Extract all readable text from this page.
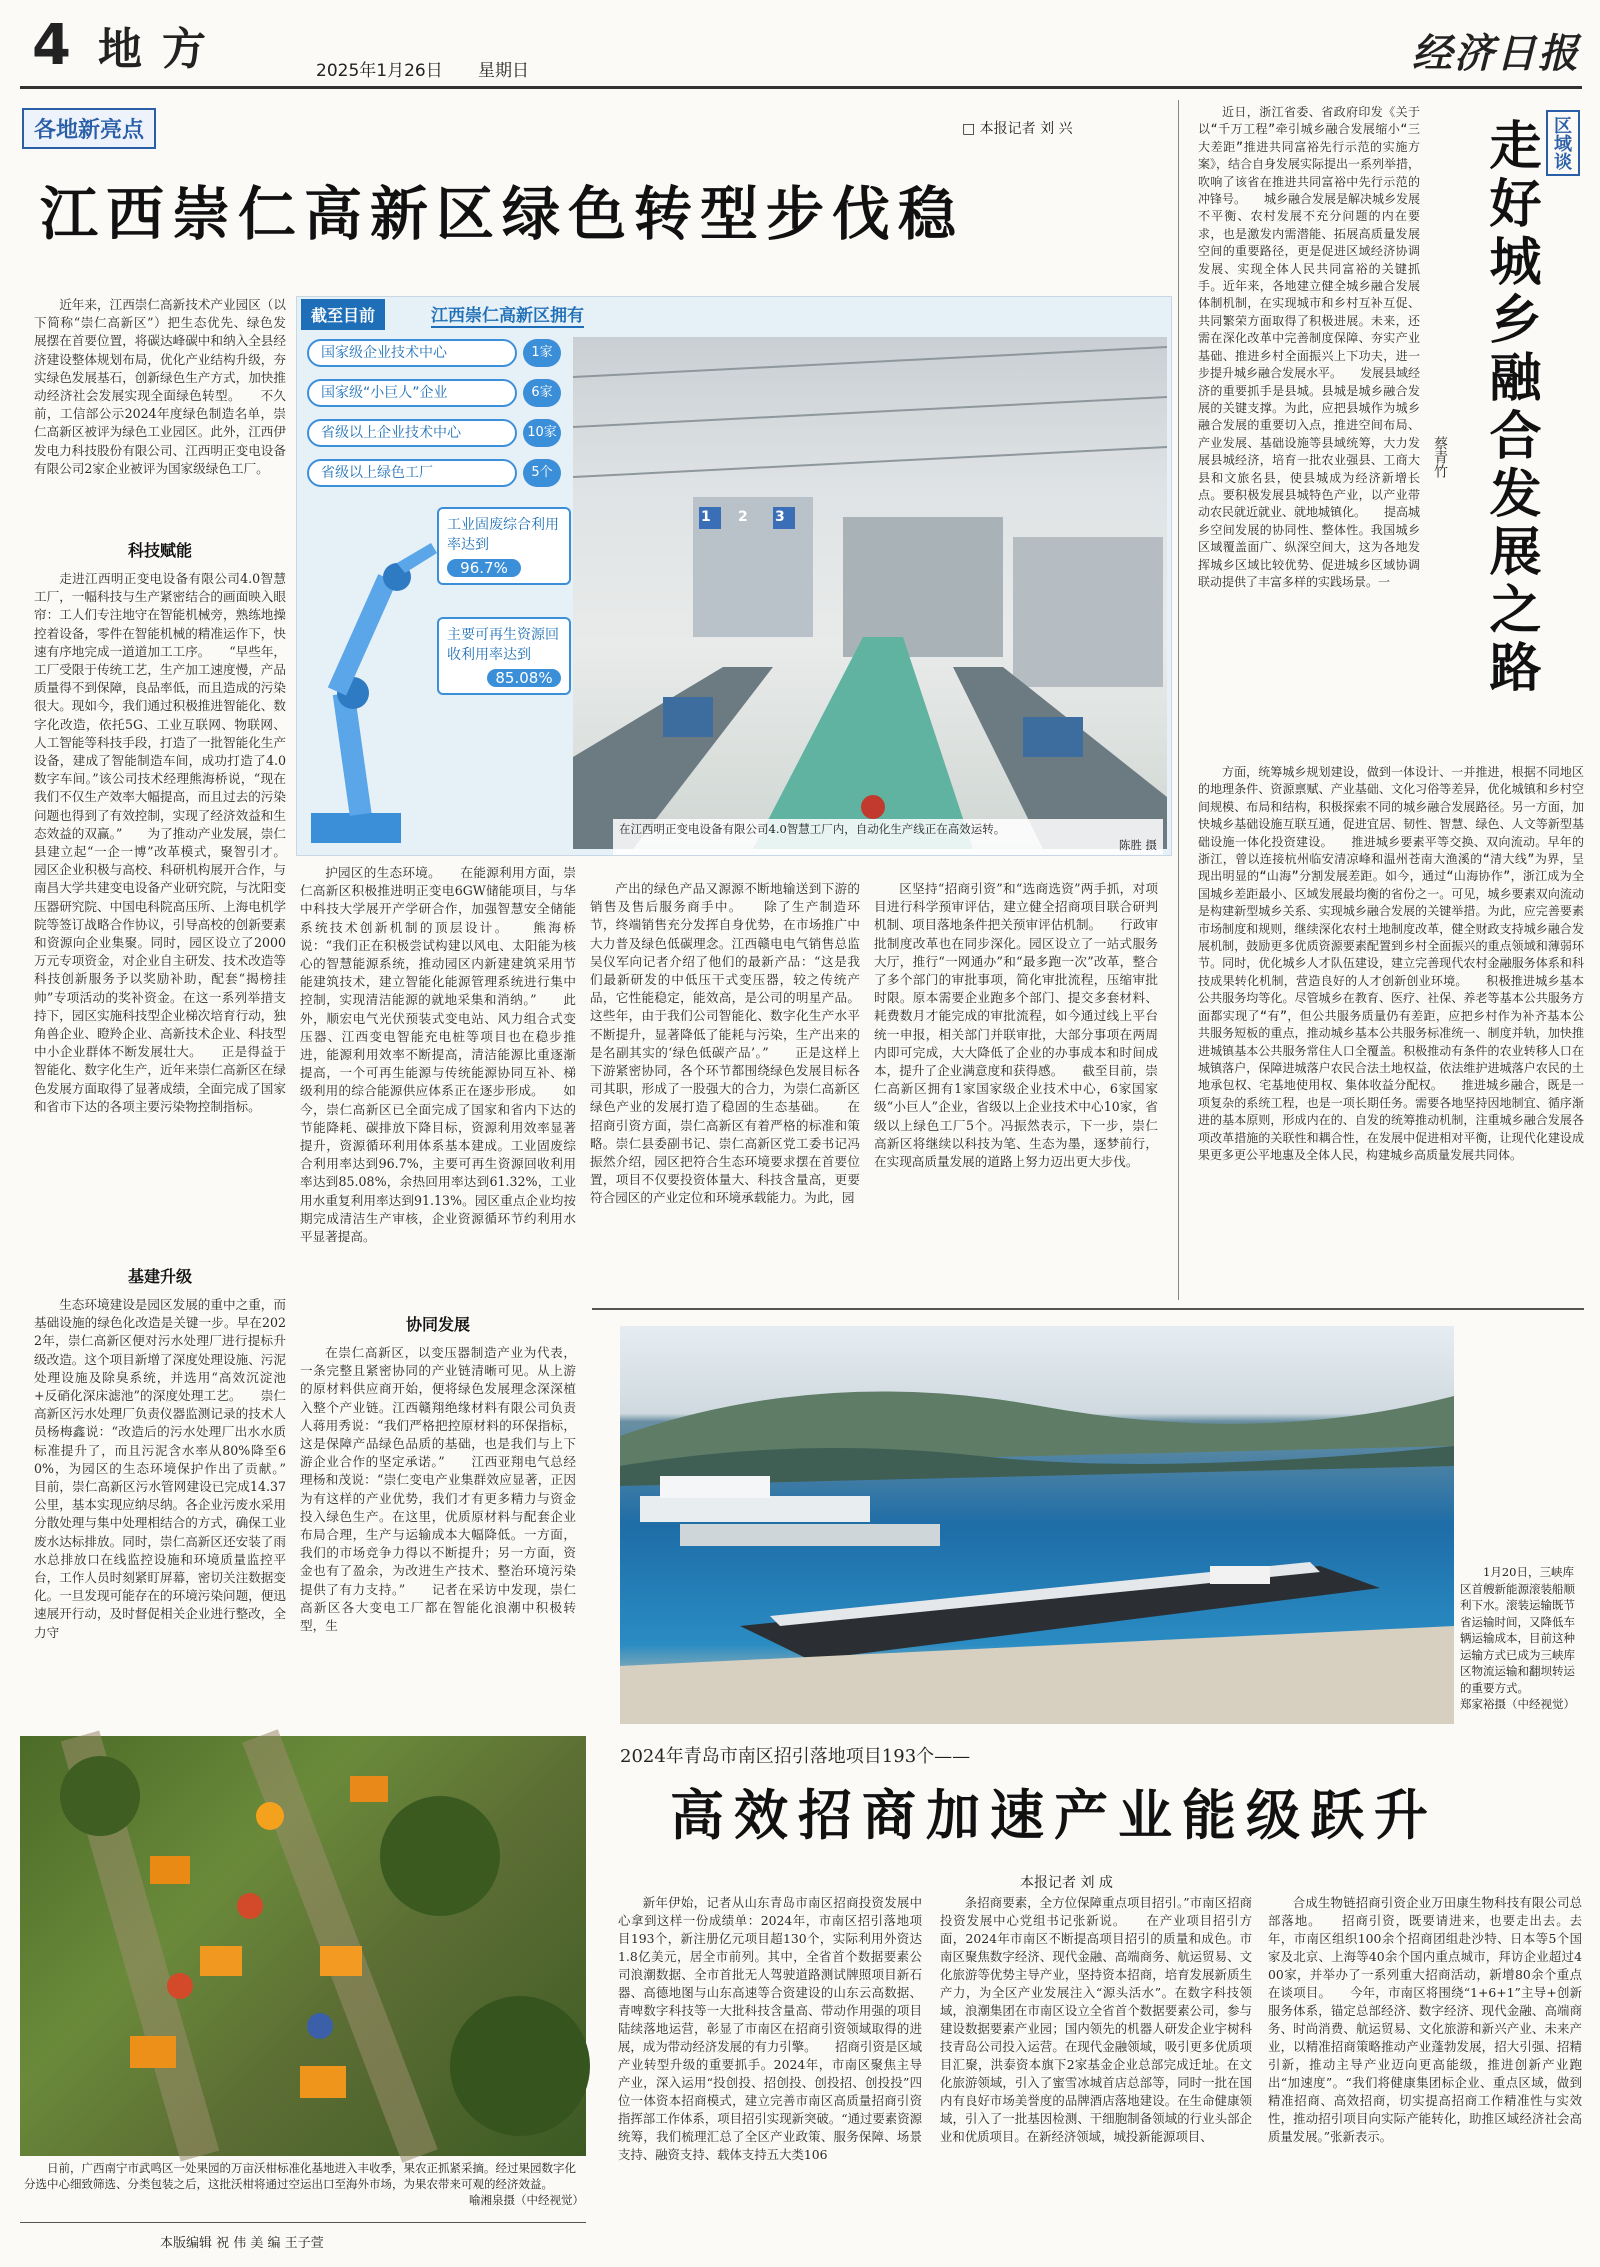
4 地方	2025年1月26日 星期日	经济日报
各地新亮点	□ 本报记者 刘 兴
江西崇仁高新区绿色转型步伐稳
截至目前	江西崇仁高新区拥有
国家级企业技术中心	1家
国家级“小巨人”企业	6家
省级以上企业技术中心	10家
省级以上绿色工厂	5个
工业固废综合利用率达到
96.7%
主要可再生资源回收利用率达到
85.08%
1 2 3
在江西明正变电设备有限公司4.0智慧工厂内，自动化生产线正在高效运转。
陈胜 摄
近年来，江西崇仁高新技术产业园区（以下简称“崇仁高新区”）把生态优先、绿色发展摆在首要位置，将碳达峰碳中和纳入全县经济建设整体规划布局，优化产业结构升级，夯实绿色发展基石，创新绿色生产方式，加快推动经济社会发展实现全面绿色转型。　　不久前，工信部公示2024年度绿色制造名单，崇仁高新区被评为绿色工业园区。此外，江西伊发电力科技股份有限公司、江西明正变电设备有限公司2家企业被评为国家级绿色工厂。
科技赋能
走进江西明正变电设备有限公司4.0智慧工厂，一幅科技与生产紧密结合的画面映入眼帘：工人们专注地守在智能机械旁，熟练地操控着设备，零件在智能机械的精准运作下，快速有序地完成一道道加工工序。　　“早些年，工厂受限于传统工艺，生产加工速度慢，产品质量得不到保障，良品率低，而且造成的污染很大。现如今，我们通过积极推进智能化、数字化改造，依托5G、工业互联网、物联网、人工智能等科技手段，打造了一批智能化生产设备，建成了智能制造车间，成功打造了4.0数字车间。”该公司技术经理熊海桥说，“现在我们不仅生产效率大幅提高，而且过去的污染问题也得到了有效控制，实现了经济效益和生态效益的双赢。”　　为了推动产业发展，崇仁县建立起“一企一博”改革模式，聚智引才。园区企业积极与高校、科研机构展开合作，与南昌大学共建变电设备产业研究院，与沈阳变压器研究院、中国电科院高压所、上海电机学院等签订战略合作协议，引导高校的创新要素和资源向企业集聚。同时，园区设立了2000万元专项资金，对企业自主研发、技术改造等科技创新服务予以奖励补助，配套“揭榜挂帅”专项活动的奖补资金。在这一系列举措支持下，园区实施科技型企业梯次培育行动，独角兽企业、瞪羚企业、高新技术企业、科技型中小企业群体不断发展壮大。　　正是得益于智能化、数字化生产，近年来崇仁高新区在绿色发展方面取得了显著成绩，全面完成了国家和省市下达的各项主要污染物控制指标。
基建升级
生态环境建设是园区发展的重中之重，而基础设施的绿色化改造是关键一步。早在2022年，崇仁高新区便对污水处理厂进行提标升级改造。这个项目新增了深度处理设施、污泥处理设施及除臭系统，并选用“高效沉淀池+反硝化深床滤池”的深度处理工艺。　　崇仁高新区污水处理厂负责仪器监测记录的技术人员杨梅鑫说：“改造后的污水处理厂出水水质标准提升了，而且污泥含水率从80%降至60%，为园区的生态环境保护作出了贡献。”　　目前，崇仁高新区污水管网建设已完成14.37公里，基本实现应纳尽纳。各企业污废水采用分散处理与集中处理相结合的方式，确保工业废水达标排放。同时，崇仁高新区还安装了雨水总排放口在线监控设施和环境质量监控平台，工作人员时刻紧盯屏幕，密切关注数据变化。一旦发现可能存在的环境污染问题，便迅速展开行动，及时督促相关企业进行整改，全力守
护园区的生态环境。　　在能源利用方面，崇仁高新区积极推进明正变电6GW储能项目，与华中科技大学展开产学研合作，加强智慧安全储能系统技术创新机制的顶层设计。　　熊海桥说：“我们正在积极尝试构建以风电、太阳能为核心的智慧能源系统，推动园区内新建建筑采用节能建筑技术，建立智能化能源管理系统进行集中控制，实现清洁能源的就地采集和消纳。”　　此外，顺宏电气光伏预装式变电站、风力组合式变压器、江西变电智能充电桩等项目也在稳步推进，能源利用效率不断提高，清洁能源比重逐渐提高，一个可再生能源与传统能源协同互补、梯级利用的综合能源供应体系正在逐步形成。　　如今，崇仁高新区已全面完成了国家和省内下达的节能降耗、碳排放下降目标，资源利用效率显著提升，资源循环利用体系基本建成。工业固废综合利用率达到96.7%，主要可再生资源回收利用率达到85.08%，余热回用率达到61.32%，工业用水重复利用率达到91.13%。园区重点企业均按期完成清洁生产审核，企业资源循环节约利用水平显著提高。
协同发展
在崇仁高新区，以变压器制造产业为代表，一条完整且紧密协同的产业链清晰可见。从上游的原材料供应商开始，便将绿色发展理念深深植入整个产业链。江西赣翔绝缘材料有限公司负责人蒋用秀说：“我们严格把控原材料的环保指标，这是保障产品绿色品质的基础，也是我们与上下游企业合作的坚定承诺。”　　江西亚翔电气总经理杨和茂说：“崇仁变电产业集群效应显著，正因为有这样的产业优势，我们才有更多精力与资金投入绿色生产。在这里，优质原材料与配套企业布局合理，生产与运输成本大幅降低。一方面，我们的市场竞争力得以不断提升；另一方面，资金也有了盈余，为改进生产技术、整治环境污染提供了有力支持。”　　记者在采访中发现，崇仁高新区各大变电工厂都在智能化浪潮中积极转型，生
产出的绿色产品又源源不断地输送到下游的销售及售后服务商手中。　　除了生产制造环节，终端销售充分发挥自身优势，在市场推广中大力普及绿色低碳理念。江西赣电电气销售总监吴仪军向记者介绍了他们的最新产品：“这是我们最新研发的中低压干式变压器，较之传统产品，它性能稳定，能效高，是公司的明星产品。这些年，由于我们公司智能化、数字化生产水平不断提升，显著降低了能耗与污染，生产出来的是名副其实的‘绿色低碳产品’。”　　正是这样上下游紧密协同，各个环节都围绕绿色发展目标各司其职，形成了一股强大的合力，为崇仁高新区绿色产业的发展打造了稳固的生态基础。　　在招商引资方面，崇仁高新区有着严格的标准和策略。崇仁县委副书记、崇仁高新区党工委书记冯振然介绍，园区把符合生态环境要求摆在首要位置，项目不仅要投资体量大、科技含量高，更要符合园区的产业定位和环境承载能力。为此，园
区坚持“招商引资”和“选商选资”两手抓，对项目进行科学预审评估，建立健全招商项目联合研判机制、项目落地条件把关预审评估机制。　　行政审批制度改革也在同步深化。园区设立了一站式服务大厅，推行“一网通办”和“最多跑一次”改革，整合了多个部门的审批事项，简化审批流程，压缩审批时限。原本需要企业跑多个部门、提交多套材料、耗费数月才能完成的审批流程，如今通过线上平台统一申报，相关部门并联审批，大部分事项在两周内即可完成，大大降低了企业的办事成本和时间成本，提升了企业满意度和获得感。　　截至目前，崇仁高新区拥有1家国家级企业技术中心，6家国家级“小巨人”企业，省级以上企业技术中心10家，省级以上绿色工厂5个。冯振然表示，下一步，崇仁高新区将继续以科技为笔、生态为墨，逐梦前行，在实现高质量发展的道路上努力迈出更大步伐。
近日，浙江省委、省政府印发《关于以“千万工程”牵引城乡融合发展缩小“三大差距”推进共同富裕先行示范的实施方案》，结合自身发展实际提出一系列举措，吹响了该省在推进共同富裕中先行示范的冲锋号。　　城乡融合发展是解决城乡发展不平衡、农村发展不充分问题的内在要求，也是激发内需潜能、拓展高质量发展空间的重要路径，更是促进区域经济协调发展、实现全体人民共同富裕的关键抓手。近年来，各地建立健全城乡融合发展体制机制，在实现城市和乡村互补互促、共同繁荣方面取得了积极进展。未来，还需在深化改革中完善制度保障、夯实产业基础、推进乡村全面振兴上下功夫，进一步提升城乡融合发展水平。　　发展县域经济的重要抓手是县城。县城是城乡融合发展的关键支撑。为此，应把县城作为城乡融合发展的重要切入点，推进空间布局、产业发展、基础设施等县域统筹，大力发展县城经济，培育一批农业强县、工商大县和文旅名县，使县城成为经济新增长点。要积极发展县城特色产业，以产业带动农民就近就业、就地城镇化。　　提高城乡空间发展的协同性、整体性。我国城乡区域覆盖面广、纵深空间大，这为各地发挥城乡区域比较优势、促进城乡区域协调联动提供了丰富多样的实践场景。一
区域谈
走好城乡融合发展之路
蔡青竹
方面，统筹城乡规划建设，做到一体设计、一并推进，根据不同地区的地理条件、资源禀赋、产业基础、文化习俗等差异，优化城镇和乡村空间规模、布局和结构，积极探索不同的城乡融合发展路径。另一方面，加快城乡基础设施互联互通，促进宜居、韧性、智慧、绿色、人文等新型基础设施一体化投资建设。　　推进城乡要素平等交换、双向流动。早年的浙江，曾以连接杭州临安清凉峰和温州苍南大渔溪的“清大线”为界，呈现出明显的“山海”分割发展差距。如今，通过“山海协作”，浙江成为全国城乡差距最小、区域发展最均衡的省份之一。可见，城乡要素双向流动是构建新型城乡关系、实现城乡融合发展的关键举措。为此，应完善要素市场制度和规则，继续深化农村土地制度改革，健全财政支持城乡融合发展机制，鼓励更多优质资源要素配置到乡村全面振兴的重点领域和薄弱环节。同时，优化城乡人才队伍建设，建立完善现代农村金融服务体系和科技成果转化机制，营造良好的人才创新创业环境。　　积极推进城乡基本公共服务均等化。尽管城乡在教育、医疗、社保、养老等基本公共服务方面都实现了“有”，但公共服务质量仍有差距，应把乡村作为补齐基本公共服务短板的重点，推动城乡基本公共服务标准统一、制度并轨，加快推进城镇基本公共服务常住人口全覆盖。积极推动有条件的农业转移人口在城镇落户，保障进城落户农民合法土地权益，依法维护进城落户农民的土地承包权、宅基地使用权、集体收益分配权。　　推进城乡融合，既是一项复杂的系统工程，也是一项长期任务。需要各地坚持因地制宜、循序渐进的基本原则，形成内在的、自发的统筹推动机制，注重城乡融合发展各项改革措施的关联性和耦合性，在发展中促进相对平衡，让现代化建设成果更多更公平地惠及全体人民，构建城乡高质量发展共同体。
1月20日，三峡库区首艘新能源滚装船顺利下水。滚装运输既节省运输时间，又降低车辆运输成本，目前这种运输方式已成为三峡库区物流运输和翻坝转运的重要方式。
郑家裕摄（中经视觉）
日前，广西南宁市武鸣区一处果园的万亩沃柑标准化基地进入丰收季，果农正抓紧采摘。经过果园数字化分选中心细致筛选、分类包装之后，这批沃柑将通过空运出口至海外市场，为果农带来可观的经济效益。
喻湘泉摄（中经视觉）
本版编辑 祝 伟 美 编 王子萱
2024年青岛市南区招引落地项目193个——
高效招商加速产业能级跃升
本报记者 刘 成
新年伊始，记者从山东青岛市南区招商投资发展中心拿到这样一份成绩单：2024年，市南区招引落地项目193个，新注册亿元项目超130个，实际利用外资达1.8亿美元，居全市前列。其中，全省首个数据要素公司浪潮数据、全市首批无人驾驶道路测试牌照项目新石器、高德地图与山东高速等合资建设的山东云高数据、青啤数字科技等一大批科技含量高、带动作用强的项目陆续落地运营，彰显了市南区在招商引资领域取得的进展，成为带动经济发展的有力引擎。　　招商引资是区域产业转型升级的重要抓手。2024年，市南区聚焦主导产业，深入运用“投创投、招创投、创投招、创投投”四位一体资本招商模式，建立完善市南区高质量招商引资指挥部工作体系，项目招引实现新突破。“通过要素资源统筹，我们梳理汇总了全区产业政策、服务保障、场景支持、融资支持、载体支持五大类106
条招商要素，全方位保障重点项目招引。”市南区招商投资发展中心党组书记张新说。　　在产业项目招引方面，2024年市南区不断提高项目招引的质量和成色。市南区聚焦数字经济、现代金融、高端商务、航运贸易、文化旅游等优势主导产业，坚持资本招商，培育发展新质生产力，为全区产业发展注入“源头活水”。在数字科技领域，浪潮集团在市南区设立全省首个数据要素公司，参与建设数据要素产业园；国内领先的机器人研发企业宇树科技青岛公司投入运营。在现代金融领域，吸引更多优质项目汇聚，洪泰资本旗下2家基金企业总部完成迁址。在文化旅游领域，引入了蜜雪冰城首店总部等，同时一批在国内有良好市场美誉度的品牌酒店落地建设。在生命健康领域，引入了一批基因检测、干细胞制备领域的行业头部企业和优质项目。在新经济领域，城投新能源项目、
合成生物链招商引资企业万田康生物科技有限公司总部落地。　　招商引资，既要请进来，也要走出去。去年，市南区组织100余个招商团组赴沙特、日本等5个国家及北京、上海等40余个国内重点城市，拜访企业超过400家，并举办了一系列重大招商活动，新增80余个重点在谈项目。　　今年，市南区将围绕“1+6+1”主导+创新服务体系，锚定总部经济、数字经济、现代金融、高端商务、时尚消费、航运贸易、文化旅游和新兴产业、未来产业，以精准招商策略推动产业蓬勃发展，招大引强、招精引新，推动主导产业迈向更高能级，推进创新产业跑出“加速度”。“我们将健康集团标企业、重点区域，做到精准招商、高效招商，切实提高招商工作精准性与实效性，推动招引项目向实际产能转化，助推区域经济社会高质量发展。”张新表示。
